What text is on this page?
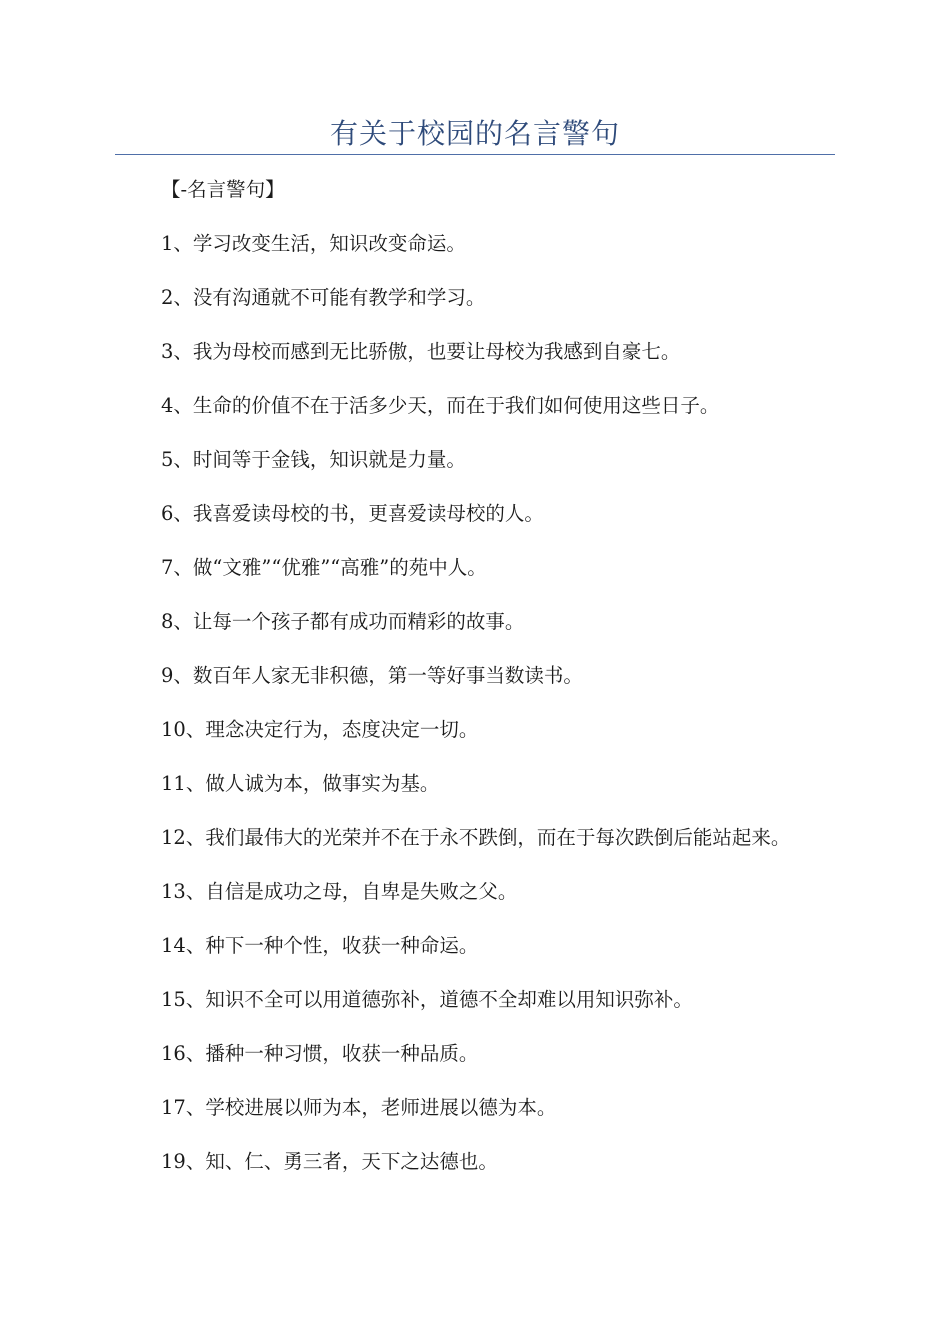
有关于校园的名言警句

【-名言警句】

1、学习改变生活，知识改变命运。

2、没有沟通就不可能有教学和学习。

3、我为母校而感到无比骄傲，也要让母校为我感到自豪七。

4、生命的价值不在于活多少天，而在于我们如何使用这些日子。

5、时间等于金钱，知识就是力量。

6、我喜爱读母校的书，更喜爱读母校的人。

7、做“文雅”“优雅”“高雅”的苑中人。

8、让每一个孩子都有成功而精彩的故事。

9、数百年人家无非积德，第一等好事当数读书。

10、理念决定行为，态度决定一切。

11、做人诚为本，做事实为基。

12、我们最伟大的光荣并不在于永不跌倒，而在于每次跌倒后能站起来。

13、自信是成功之母，自卑是失败之父。

14、种下一种个性，收获一种命运。

15、知识不全可以用道德弥补，道德不全却难以用知识弥补。

16、播种一种习惯，收获一种品质。

17、学校进展以师为本，老师进展以德为本。

19、知、仁、勇三者，天下之达德也。
